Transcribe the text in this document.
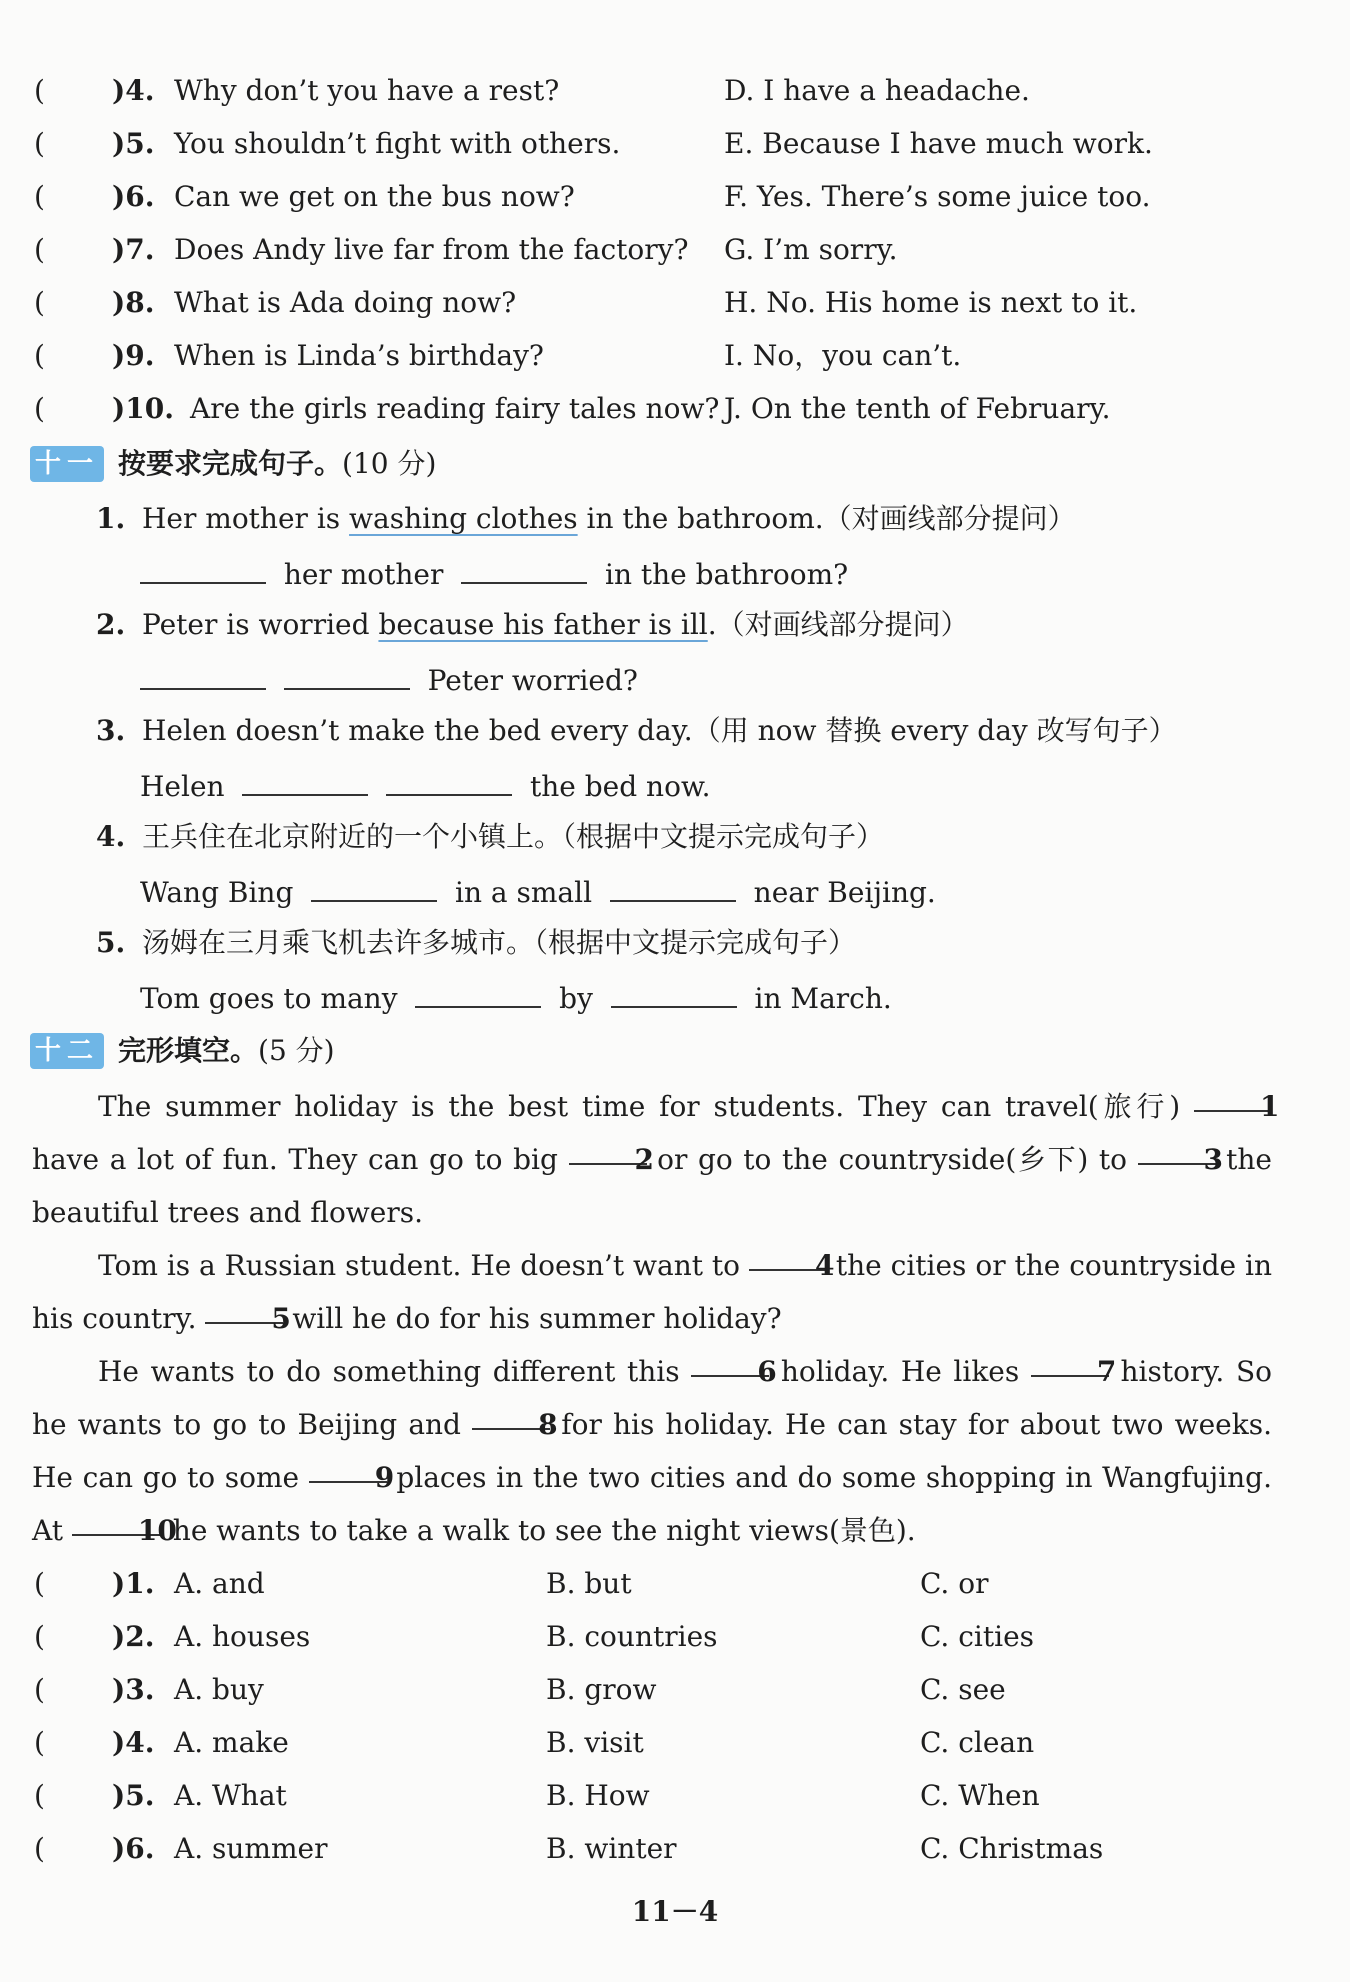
( )4. Why don’t you have a rest?	D. I have a headache.
( )5. You shouldn’t fight with others.	E. Because I have much work.
( )6. Can we get on the bus now?	F. Yes. There’s some juice too.
( )7. Does Andy live far from the factory? G. I’m sorry.
( )8. What is Ada doing now?	H. No. His home is next to it.
( )9. When is Linda’s birthday?	I. No，you can’t.
( )10. Are the girls reading fairy tales now? J. On the tenth of February.
十一 按要求完成句子。(10 分)
1. Her mother is washing clothes in the bathroom.（对画线部分提问）
her mother	in the bathroom?
2. Peter is worried because his father is ill.（对画线部分提问）
Peter worried?
3. Helen doesn’t make the bed every day.（用 now 替换 every day 改写句子）
Helen	the bed now.
4. 王兵住在北京附近的一个小镇上。（根据中文提示完成句子）
Wang Bing	in a small	near Beijing.
5. 汤姆在三月乘飞机去许多城市。（根据中文提示完成句子）
Tom goes to many	by	in March.
十二 完形填空。(5 分)
The summer holiday is the best time for students. They can travel(旅行)	1 have a lot of fun. They can go to big	2 or go to the countryside(乡下) to	3 the beautiful trees and flowers.
Tom is a Russian student. He doesn’t want to	4 the cities or the countryside in his country.	5 will he do for his summer holiday?
He wants to do something different this	6 holiday. He likes	7 history. So he wants to go to Beijing and	8 for his holiday. He can stay for about two weeks. He can go to some	9 places in the two cities and do some shopping in Wangfujing. At	10 he wants to take a walk to see the night views(景色).
( )1. A. and	B. but	C. or
( )2. A. houses	B. countries	C. cities
( )3. A. buy	B. grow	C. see
( )4. A. make	B. visit	C. clean
( )5. A. What	B. How	C. When
( )6. A. summer	B. winter	C. Christmas
11－4
